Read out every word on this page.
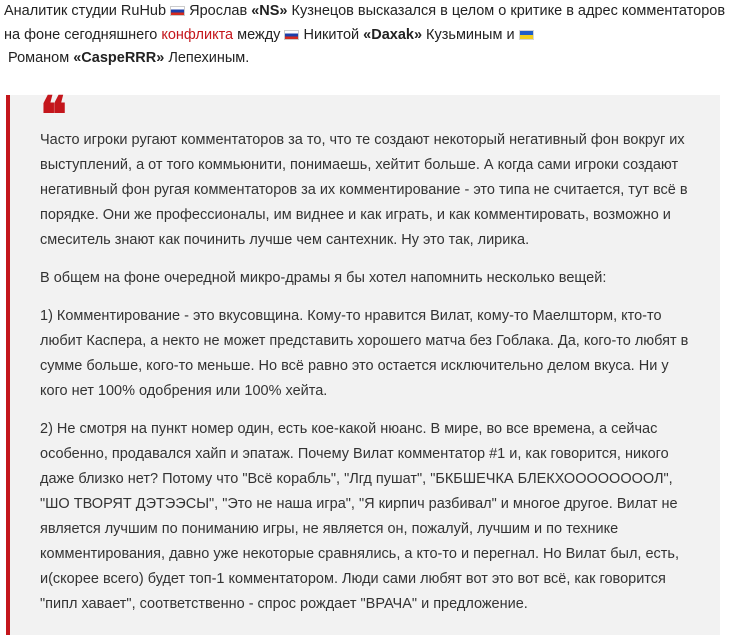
Аналитик студии RuHub Ярослав «NS» Кузнецов высказался в целом о критике в адрес комментаторов на фоне сегодняшнего конфликта между Никитой «Daxak» Кузьминым и
Романом «CaspeRRR» Лепехиным.
❝

Часто игроки ругают комментаторов за то, что те создают некоторый негативный фон вокруг их выступлений, а от того коммьюнити, понимаешь, хейтит больше. А когда сами игроки создают негативный фон ругая комментаторов за их комментирование - это типа не считается, тут всё в порядке. Они же профессионалы, им виднее и как играть, и как комментировать, возможно и смеситель знают как починить лучше чем сантехник. Ну это так, лирика.

В общем на фоне очередной микро-драмы я бы хотел напомнить несколько вещей:

1) Комментирование - это вкусовщина. Кому-то нравится Вилат, кому-то Маелшторм, кто-то любит Каспера, а некто не может представить хорошего матча без Гоблака. Да, кого-то любят в сумме больше, кого-то меньше. Но всё равно это остается исключительно делом вкуса. Ни у кого нет 100% одобрения или 100% хейта.

2) Не смотря на пункт номер один, есть кое-какой нюанс. В мире, во все времена, а сейчас особенно, продавался хайп и эпатаж. Почему Вилат комментатор #1 и, как говорится, никого даже близко нет? Потому что "Всё корабль", "Лгд пушат", "БКБШЕЧКА БЛЕКХООООООООЛ", "ШО ТВОРЯТ ДЭТЭЭСЫ", "Это не наша игра", "Я кирпич разбивал" и многое другое. Вилат не является лучшим по пониманию игры, не является он, пожалуй, лучшим и по технике комментирования, давно уже некоторые сравнялись, а кто-то и перегнал. Но Вилат был, есть, и(скорее всего) будет топ-1 комментатором. Люди сами любят вот это вот всё, как говорится "пипл хавает", соответственно - спрос рождает "ВРАЧА" и предложение.
